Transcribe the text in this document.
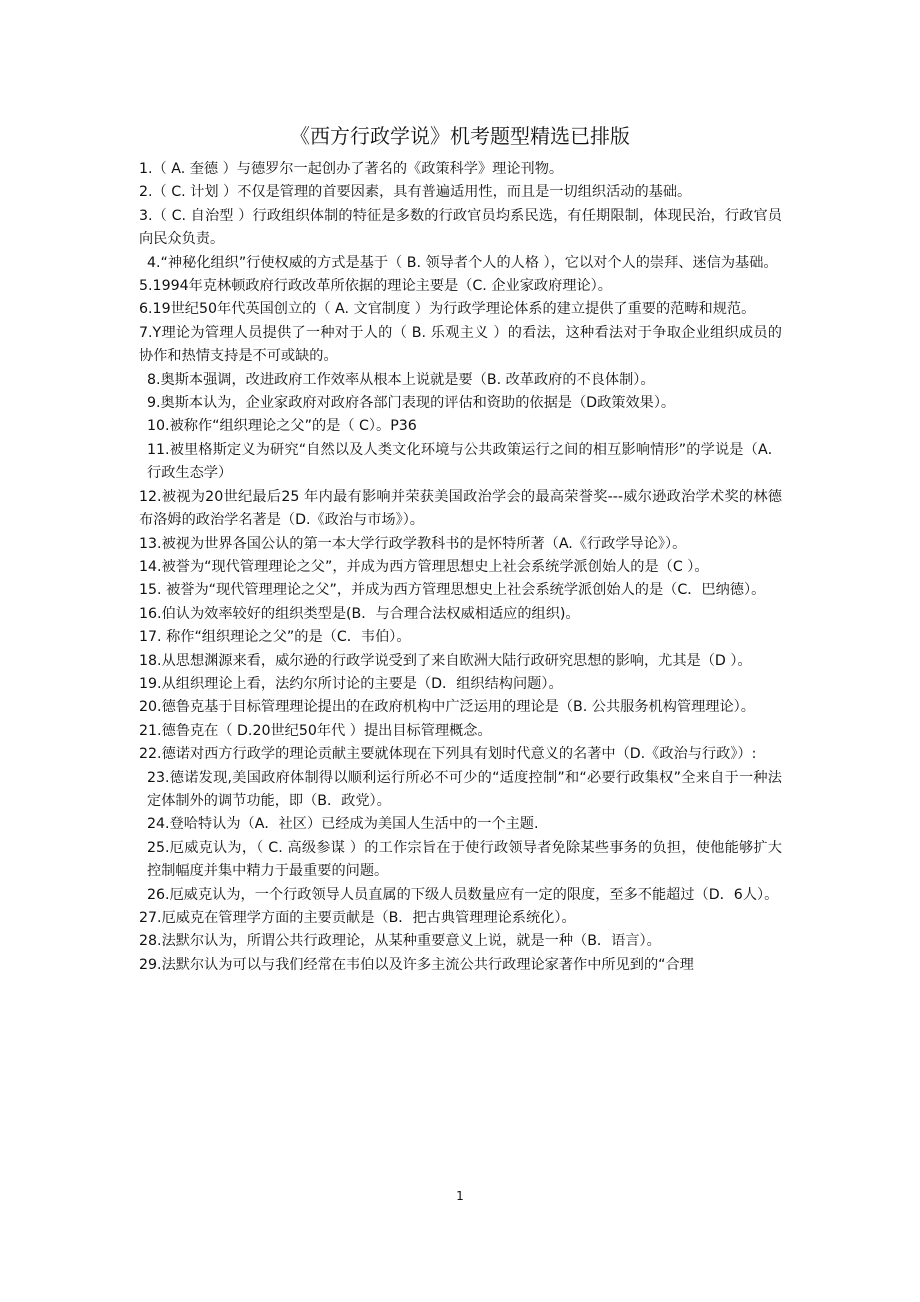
《西方行政学说》机考题型精选已排版

1.（ A. 奎德 ）与德罗尔一起创办了著名的《政策科学》理论刊物。

2.（ C. 计划 ）不仅是管理的首要因素，具有普遍适用性，而且是一切组织活动的基础。

3.（ C. 自治型 ）行政组织体制的特征是多数的行政官员均系民选，有任期限制，体现民治，行政官员向民众负责。

4.“神秘化组织”行使权威的方式是基于（ B. 领导者个人的人格 ），它以对个人的崇拜、迷信为基础。

5.1994年克林顿政府行政改革所依据的理论主要是（C. 企业家政府理论）。

6.19世纪50年代英国创立的（ A. 文官制度 ）为行政学理论体系的建立提供了重要的范畴和规范。

7.Y理论为管理人员提供了一种对于人的（ B. 乐观主义 ）的看法，这种看法对于争取企业组织成员的协作和热情支持是不可或缺的。

8.奥斯本强调，改进政府工作效率从根本上说就是要（B. 改革政府的不良体制）。

9.奥斯本认为，企业家政府对政府各部门表现的评估和资助的依据是（D政策效果）。

10.被称作“组织理论之父”的是（ C）。P36

11.被里格斯定义为研究“自然以及人类文化环境与公共政策运行之间的相互影响情形”的学说是（A．行政生态学）

12.被视为20世纪最后25 年内最有影响并荣获美国政治学会的最高荣誉奖---威尔逊政治学术奖的林德布洛姆的政治学名著是（D.《政治与市场》）。

13.被视为世界各国公认的第一本大学行政学教科书的是怀特所著（A.《行政学导论》）。

14.被誉为“现代管理理论之父”，并成为西方管理思想史上社会系统学派创始人的是（C ）。

15. 被誉为“现代管理理论之父”，并成为西方管理思想史上社会系统学派创始人的是（C．巴纳德）。

16.伯认为效率较好的组织类型是(B．与合理合法权威相适应的组织)。

17. 称作“组织理论之父”的是（C．韦伯）。

18.从思想渊源来看，威尔逊的行政学说受到了来自欧洲大陆行政研究思想的影响，尤其是（D ）。

19.从组织理论上看，法约尔所讨论的主要是（D．组织结构问题）。

20.德鲁克基于目标管理理论提出的在政府机构中广泛运用的理论是（B. 公共服务机构管理理论）。

21.德鲁克在（ D.20世纪50年代 ）提出目标管理概念。

22.德诺对西方行政学的理论贡献主要就体现在下列具有划时代意义的名著中（D.《政治与行政》）:

23.德诺发现,美国政府体制得以顺利运行所必不可少的“适度控制”和“必要行政集权”全来自于一种法定体制外的调节功能，即（B．政党）。

24.登哈特认为（A．社区）已经成为美国人生活中的一个主题.

25.厄威克认为，（ C. 高级参谋 ）的工作宗旨在于使行政领导者免除某些事务的负担，使他能够扩大控制幅度并集中精力于最重要的问题。

26.厄威克认为，一个行政领导人员直属的下级人员数量应有一定的限度，至多不能超过（D．6人）。

27.厄威克在管理学方面的主要贡献是（B．把古典管理理论系统化）。

28.法默尔认为，所谓公共行政理论，从某种重要意义上说，就是一种（B．语言）。

29.法默尔认为可以与我们经常在韦伯以及许多主流公共行政理论家著作中所见到的“合理

1
